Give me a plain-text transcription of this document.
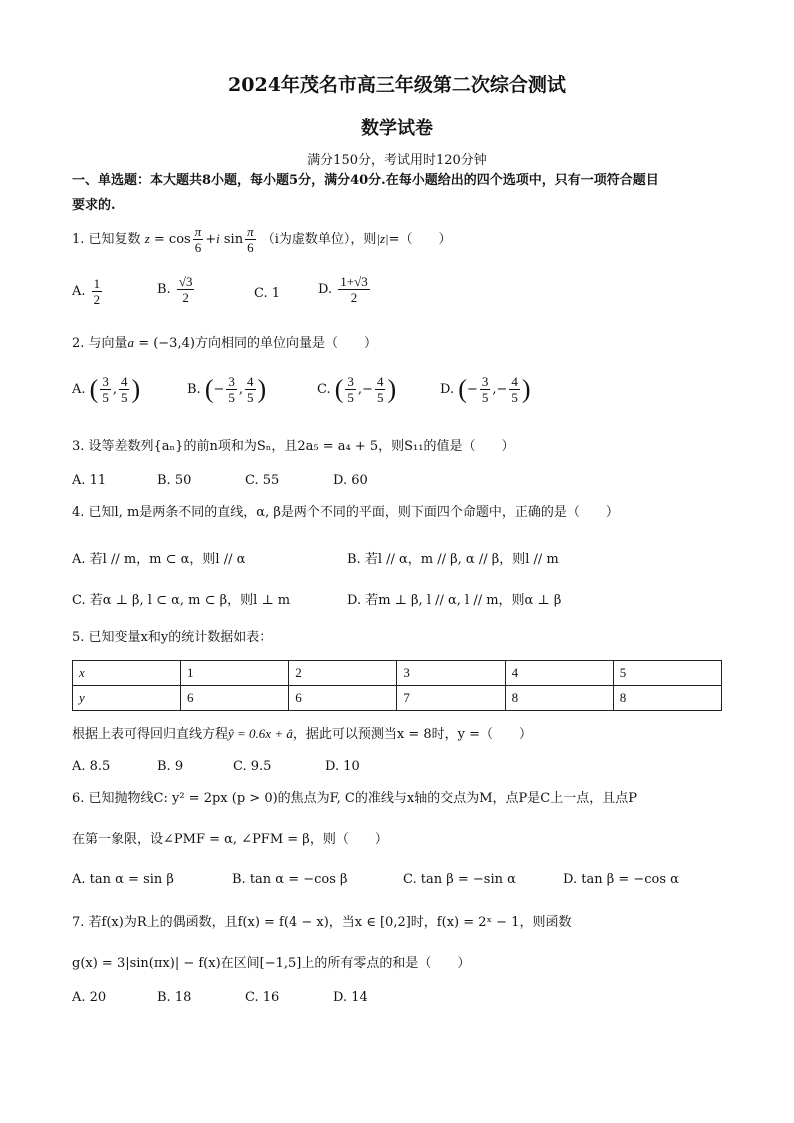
2024年茂名市高三年级第二次综合测试
数学试卷
满分150分，考试用时120分钟
一、单选题：本大题共8小题，每小题5分，满分40分.在每小题给出的四个选项中，只有一项符合题目
要求的.
1. 已知复数 $z = \cos \frac{\pi}{6} +i$ $\sin \frac{\pi}{6} (i$为虚数单位），则|z|=（　　）
A. $\frac{1}{2}$	B. $\frac{√3}{2}$	C. 1	D. $\frac{1+√3}{2}$
2. 与向量a = (−3,4)方向相同的单位向量是（　　）
A. ( $\frac{3}{5}$ , $\frac{4}{5}$ )	B. (− $\frac{3}{5}$ , $\frac{4}{5}$ )	C. ( $\frac{3}{5}$ ,− $\frac{4}{5}$ )	D. (− $\frac{3}{5}$ ,− $\frac{4}{5}$ )
3. 设等差数列{aₙ}的前n项和为Sₙ，且2a₅ = a₄ + 5，则S₁₁的值是（　　）
A. 11	B. 50	C. 55	D. 60
4. 已知l, m是两条不同的直线，α, β是两个不同的平面，则下面四个命题中，正确的是（　　）
A. 若l // m，m ⊂ α，则l // α	B. 若l // α，m // β, α // β，则l // m
C. 若α ⊥ β, l ⊂ α, m ⊂ β，则l ⊥ m	D. 若m ⊥ β, l // α, l // m，则α ⊥ β
5. 已知变量x和y的统计数据如表：
x	1	2	3	4	5
y	6	6	7	8	8
根据上表可得回归直线方程ŷ = 0.6x + â，据此可以预测当x = 8时，y =（　　）
A. 8.5	B. 9	C. 9.5	D. 10
6. 已知抛物线C: y² = 2px (p > 0)的焦点为F, C的准线与x轴的交点为M，点P是C上一点，且点P
在第一象限，设∠PMF = α, ∠PFM = β，则（　　）
A. tan α = sin β	B. tan α = −cos β	C. tan β = −sin α	D. tan β = −cos α
7. 若f(x)为R上的偶函数，且f(x) = f(4 − x)，当x ∈ [0,2]时，f(x) = 2ˣ − 1，则函数
g(x) = 3|sin(πx)| − f(x)在区间[−1,5]上的所有零点的和是（　　）
A. 20	B. 18	C. 16	D. 14
